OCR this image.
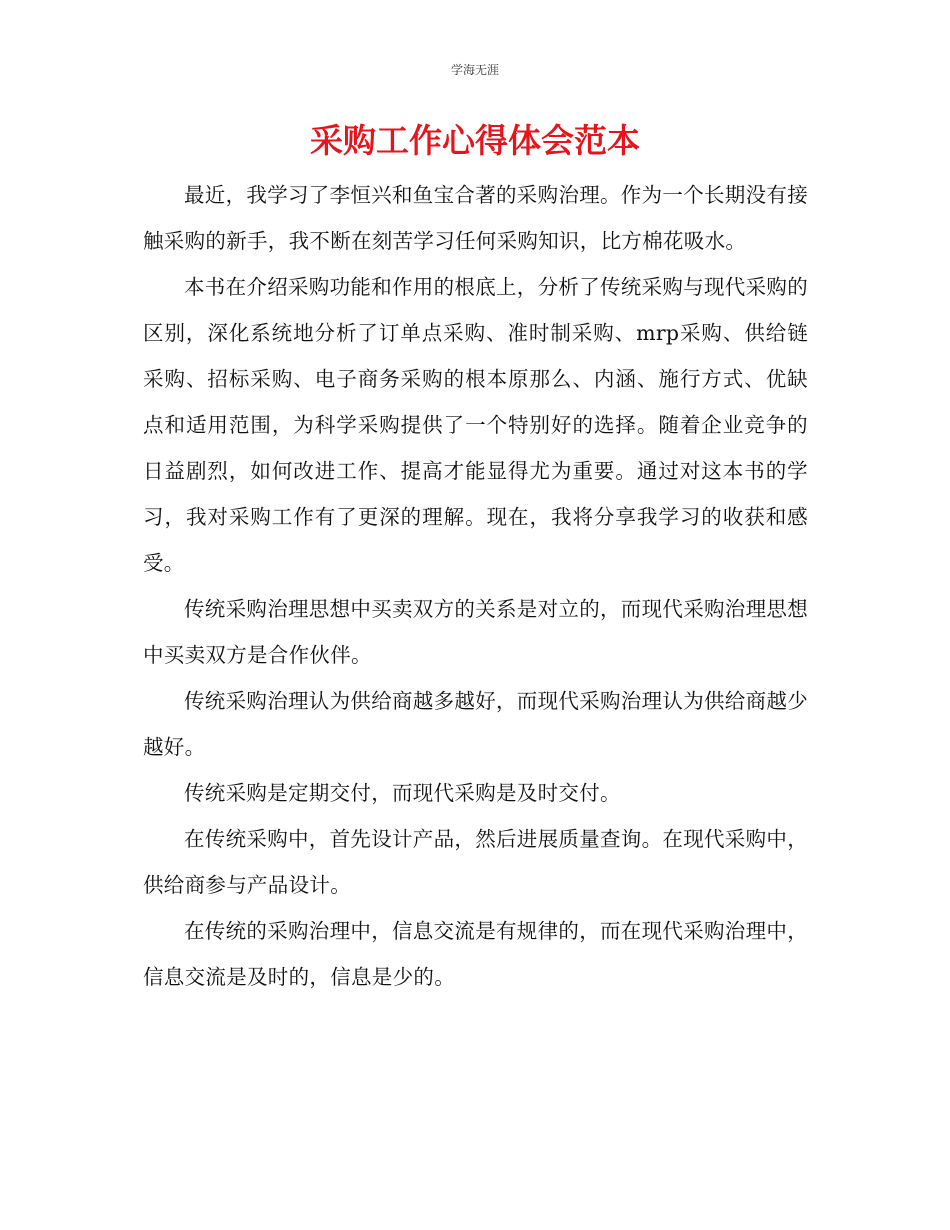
学海无涯
采购工作心得体会范本

最近，我学习了李恒兴和鱼宝合著的采购治理。作为一个长期没有接触采购的新手，我不断在刻苦学习任何采购知识，比方棉花吸水。

本书在介绍采购功能和作用的根底上，分析了传统采购与现代采购的区别，深化系统地分析了订单点采购、准时制采购、mrp采购、供给链采购、招标采购、电子商务采购的根本原那么、内涵、施行方式、优缺点和适用范围，为科学采购提供了一个特别好的选择。随着企业竞争的日益剧烈，如何改进工作、提高才能显得尤为重要。通过对这本书的学习，我对采购工作有了更深的理解。现在，我将分享我学习的收获和感受。

传统采购治理思想中买卖双方的关系是对立的，而现代采购治理思想中买卖双方是合作伙伴。

传统采购治理认为供给商越多越好，而现代采购治理认为供给商越少越好。

传统采购是定期交付，而现代采购是及时交付。

在传统采购中，首先设计产品，然后进展质量查询。在现代采购中，供给商参与产品设计。

在传统的采购治理中，信息交流是有规律的，而在现代采购治理中，信息交流是及时的，信息是少的。
